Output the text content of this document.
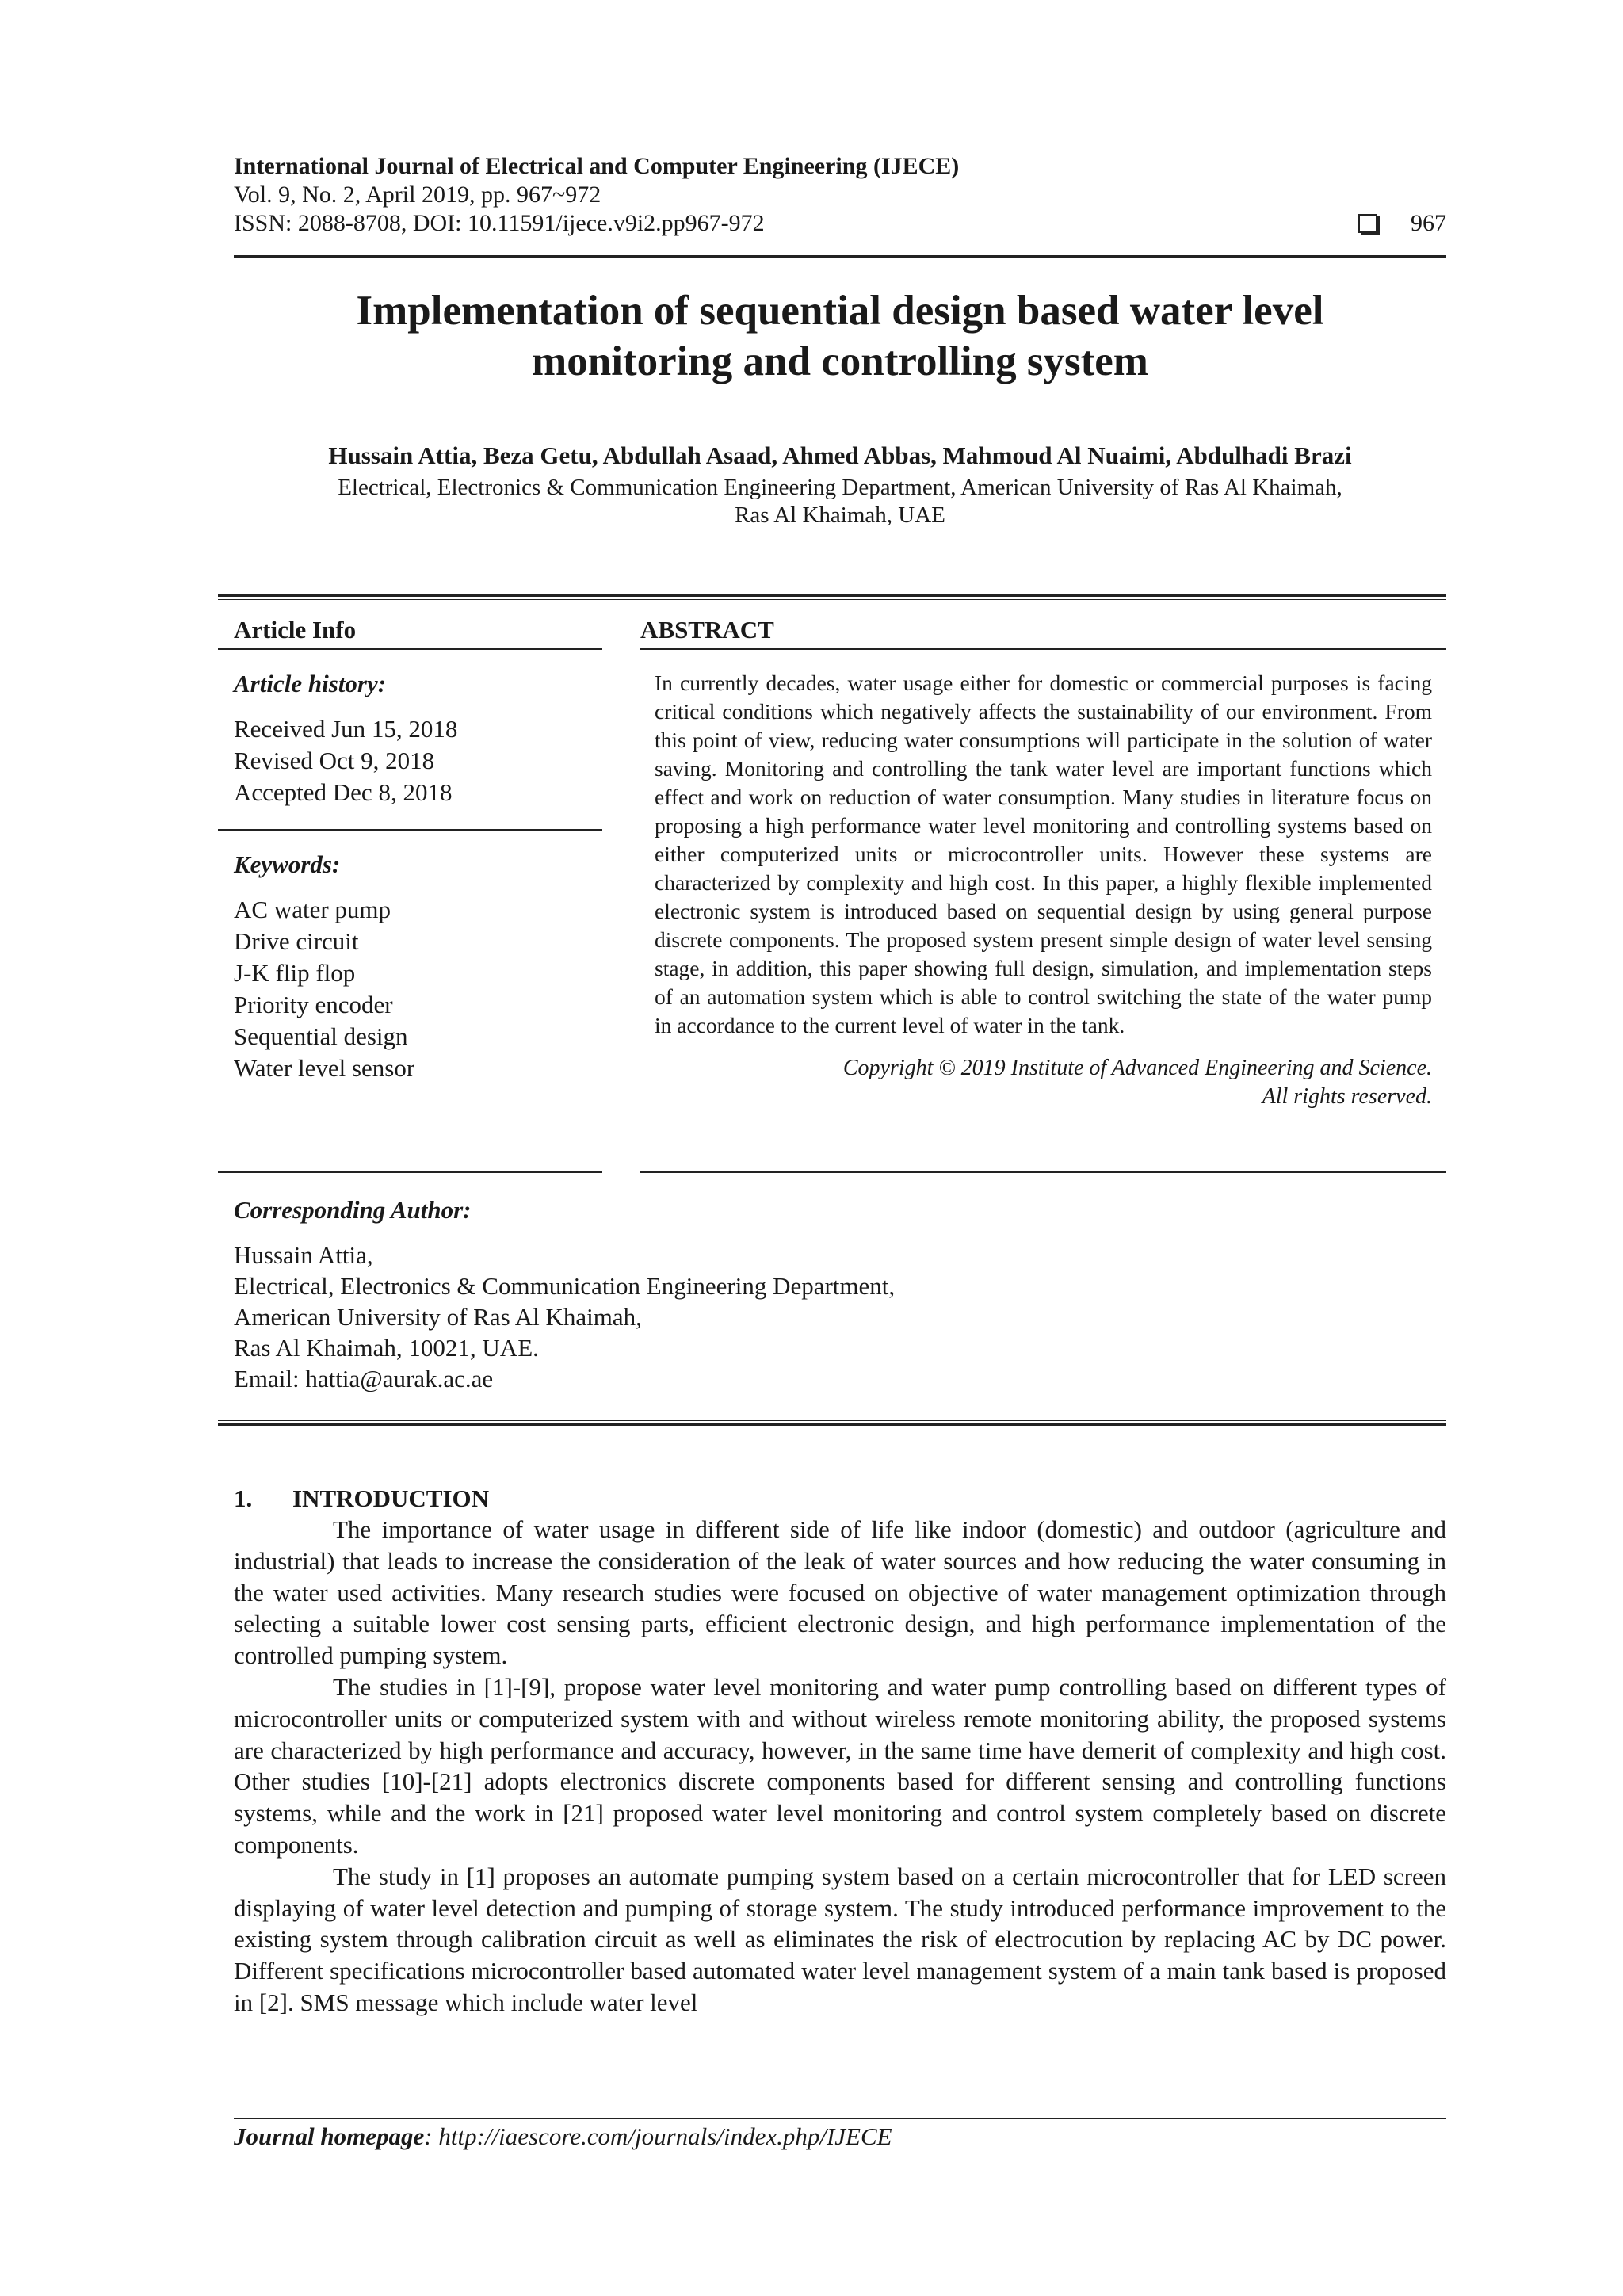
International Journal of Electrical and Computer Engineering (IJECE)
Vol. 9, No. 2, April 2019, pp. 967~972
ISSN: 2088-8708, DOI: 10.11591/ijece.v9i2.pp967-972	967
Implementation of sequential design based water level
monitoring and controlling system
Hussain Attia, Beza Getu, Abdullah Asaad, Ahmed Abbas, Mahmoud Al Nuaimi, Abdulhadi Brazi
Electrical, Electronics & Communication Engineering Department, American University of Ras Al Khaimah,
Ras Al Khaimah, UAE
Article Info
Article history:
Received Jun 15, 2018
Revised Oct 9, 2018
Accepted Dec 8, 2018
Keywords:
AC water pump
Drive circuit
J-K flip flop
Priority encoder
Sequential design
Water level sensor
ABSTRACT
In currently decades, water usage either for domestic or commercial purposes is facing critical conditions which negatively affects the sustainability of our environment. From this point of view, reducing water consumptions will participate in the solution of water saving. Monitoring and controlling the tank water level are important functions which effect and work on reduction of water consumption. Many studies in literature focus on proposing a high performance water level monitoring and controlling systems based on either computerized units or microcontroller units. However these systems are characterized by complexity and high cost. In this paper, a highly flexible implemented electronic system is introduced based on sequential design by using general purpose discrete components. The proposed system present simple design of water level sensing stage, in addition, this paper showing full design, simulation, and implementation steps of an automation system which is able to control switching the state of the water pump in accordance to the current level of water in the tank.
Copyright © 2019 Institute of Advanced Engineering and Science.
All rights reserved.
Corresponding Author:
Hussain Attia,
Electrical, Electronics & Communication Engineering Department,
American University of Ras Al Khaimah,
Ras Al Khaimah, 10021, UAE.
Email: hattia@aurak.ac.ae
1. INTRODUCTION

The importance of water usage in different side of life like indoor (domestic) and outdoor (agriculture and industrial) that leads to increase the consideration of the leak of water sources and how reducing the water consuming in the water used activities. Many research studies were focused on objective of water management optimization through selecting a suitable lower cost sensing parts, efficient electronic design, and high performance implementation of the controlled pumping system.

The studies in [1]-[9], propose water level monitoring and water pump controlling based on different types of microcontroller units or computerized system with and without wireless remote monitoring ability, the proposed systems are characterized by high performance and accuracy, however, in the same time have demerit of complexity and high cost. Other studies [10]-[21] adopts electronics discrete components based for different sensing and controlling functions systems, while and the work in [21] proposed water level monitoring and control system completely based on discrete components.

The study in [1] proposes an automate pumping system based on a certain microcontroller that for LED screen displaying of water level detection and pumping of storage system. The study introduced performance improvement to the existing system through calibration circuit as well as eliminates the risk of electrocution by replacing AC by DC power. Different specifications microcontroller based automated water level management system of a main tank based is proposed in [2]. SMS message which include water level

Journal homepage: http://iaescore.com/journals/index.php/IJECE
